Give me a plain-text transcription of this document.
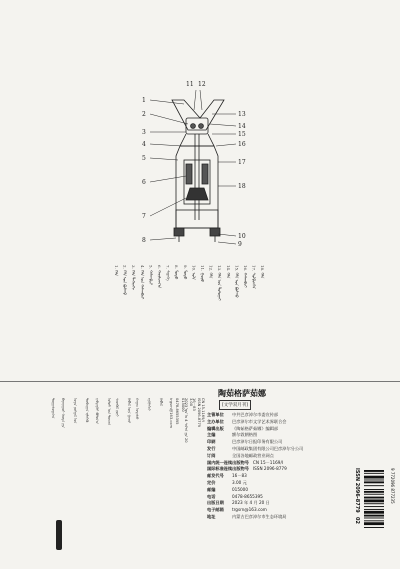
1
2
3
4
5
6
7
8
13
14
15
16
17
18
10
9
11 12
1. ᠬᠡᠯᠡ 2. ᠬᠡᠯᠡ ᠤᠨ ᠪᠤᠰᠬᠤ 3. ᠬᠡᠯᠡ ᠳᠡᠭᠡᠷᠡᠬᠢ 4. ᠬᠡᠯᠡ ᠤᠨ ᠬᠠᠯᠬᠠᠪᠴᠢ 5. ᠬᠠᠯᠬᠠᠪᠴᠢ 6. ᠬᠠᠷᠢᠯᠴᠠᠭ᠎ᠠ 7. ᠰᠢᠷᠡᠭᠡ 8. ᠮᠣᠳᠣ 9. ᠮᠣᠳᠣ 10. ᠣᠯᠠ 11. ᠭᠤᠶᠤ 12. ᠬᠡᠯᠡ 13. ᠬᠡᠯᠡ ᠤᠨ ᠲᠣᠯᠤᠭᠠᠢ 14. ᠬᠡᠯᠡ 15. ᠬᠡᠯᠡ ᠤᠨ ᠪᠤᠰᠬᠤ 16. ᠬᠠᠯᠬᠠᠪᠴᠢ 17. ᠰᠤᠯᠪᠢᠭ᠎ᠠ 18. ᠬᠡᠯᠡ
ᠲᠣᠷᠭᠠᠰᠣᠷᠢᠨ᠎ᠠ ᠪᠠᠶᠠᠨᠨᠠᠭᠤᠷ ᠬᠣᠲᠠ ᠶᠢᠨ ᠤᠷᠠᠨ ᠵᠣᠬᠢᠶᠠᠯ ᠤᠨ ᠲᠣᠪᠴᠢᠶᠠᠨ ᠢᠯᠡᠭᠡᠬᠦ ᠨᠡᠪᠲᠡᠷᠬᠡᠢ ᠪᠣᠯᠤᠨ᠎ᠠ ᠤᠯᠤᠰ ᠤᠨ ᠲᠣᠭ᠎ᠠ ᠰᠡᠳᠬᠦᠯ ᠵᠦᠢ ᠬᠡᠪᠯᠡᠯ ᠦᠨ ᠭᠠᠵᠠᠷ ᠬᠠᠶᠢᠭ ᠤᠲᠠᠰᠤ ᠡᠷᠬᠢᠯᠡᠭᠴᠢ ᠬᠡᠪᠯᠡᠯ trgsrn@163.com 0478-8655395 015000 2023 ᠣᠨ ᠤ 4 ᠰᠠᠷ᠎ᠠ ᠶᠢᠨ 20 3.00 16－83 ISSN 2096-8779 CN 15-1169/I
陶茹格萨茹娜
[文学双月刊]
主管单位 中共巴彦淖尔市委宣传部
主办单位 巴彦淖尔市文学艺术界联合会
编辑出版 《陶茹格萨茹娜》编辑部
主编	额尔敦朝格图
印刷	巴彦淖尔日报印务有限公司
发行	中国邮政集团有限公司巴彦淖尔分公司
订阅	全国各地邮政营业网点
国内统一连续出版物号 CN 15－1169/I
国际标准连续出版物号 ISSN 2096-8779
邮发代号 16－83
定价	3.00 元
邮编	015000
电话	0478-8655395
出版日期 2023 年 4 月 20 日
电子邮箱 trgsrn@163.com
地址	内蒙古巴彦淖尔市生态环境局
ISSN 2096-8779 02
9 772096 877235
